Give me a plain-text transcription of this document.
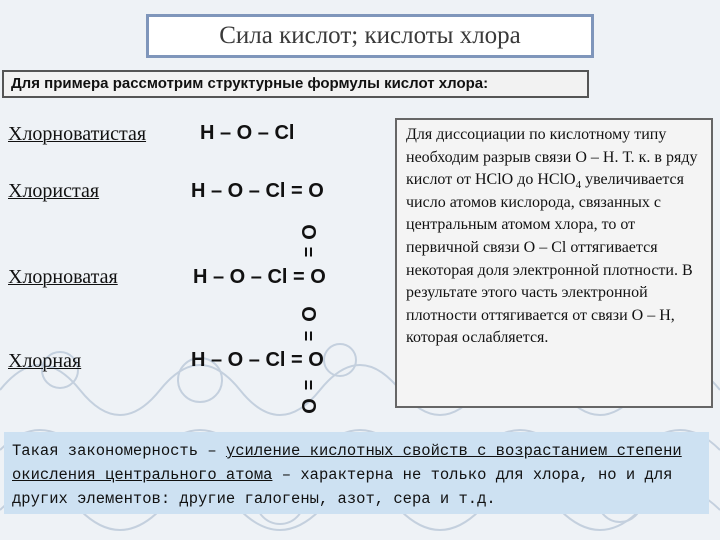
Сила кислот; кислоты хлора
Для примера рассмотрим структурные формулы кислот хлора:
Хлорноватистая	H – O – Cl
Хлористая	H – O – Cl = O
O
=
Хлорноватая	H – O – Cl = O
O
=
Хлорная	H – O – Cl = O
=
O
Для диссоциации по кислотному типу необходим разрыв связи O – H. Т. к. в ряду кислот от HClO до HClO$_4$ увеличивается число атомов кислорода, связанных с центральным атомом хлора, то от первичной связи O – Cl оттягивается некоторая доля электронной плотности. В результате этого часть электронной плотности оттягивается от связи O – H, которая ослабляется.
Такая закономерность – усиление кислотных свойств с возрастанием степени окисления центрального атома – характерна не только для хлора, но и для других элементов: другие галогены, азот, сера и т.д.
